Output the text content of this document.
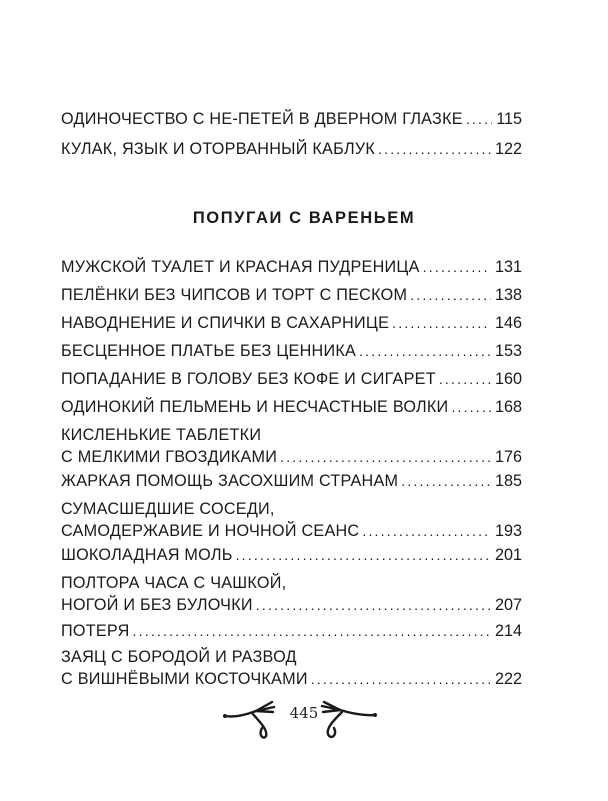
ОДИНОЧЕСТВО С НЕ-ПЕТЕЙ В ДВЕРНОМ ГЛАЗКЕ ..... 115
КУЛАК, ЯЗЫК И ОТОРВАННЫЙ КАБЛУК .....	122
ПОПУГАИ С ВАРЕНЬЕМ
МУЖСКОЙ ТУАЛЕТ И КРАСНАЯ ПУДРЕНИЦА .....	131
ПЕЛЁНКИ БЕЗ ЧИПСОВ И ТОРТ С ПЕСКОМ .....	138
НАВОДНЕНИЕ И СПИЧКИ В САХАРНИЦЕ .....	146
БЕСЦЕННОЕ ПЛАТЬЕ БЕЗ ЦЕННИКА .....	153
ПОПАДАНИЕ В ГОЛОВУ БЕЗ КОФЕ И СИГАРЕТ .....	160
ОДИНОКИЙ ПЕЛЬМЕНЬ И НЕСЧАСТНЫЕ ВОЛКИ .....	168
КИСЛЕНЬКИЕ ТАБЛЕТКИ
С МЕЛКИМИ ГВОЗДИКАМИ .....	176
ЖАРКАЯ ПОМОЩЬ ЗАСОХШИМ СТРАНАМ .....	185
СУМАСШЕДШИЕ СОСЕДИ,
САМОДЕРЖАВИЕ И НОЧНОЙ СЕАНС .....	193
ШОКОЛАДНАЯ МОЛЬ .....	201
ПОЛТОРА ЧАСА С ЧАШКОЙ,
НОГОЙ И БЕЗ БУЛОЧКИ .....	207
ПОТЕРЯ .....	214
ЗАЯЦ С БОРОДОЙ И РАЗВОД
С ВИШНЁВЫМИ КОСТОЧКАМИ .....	222
445
